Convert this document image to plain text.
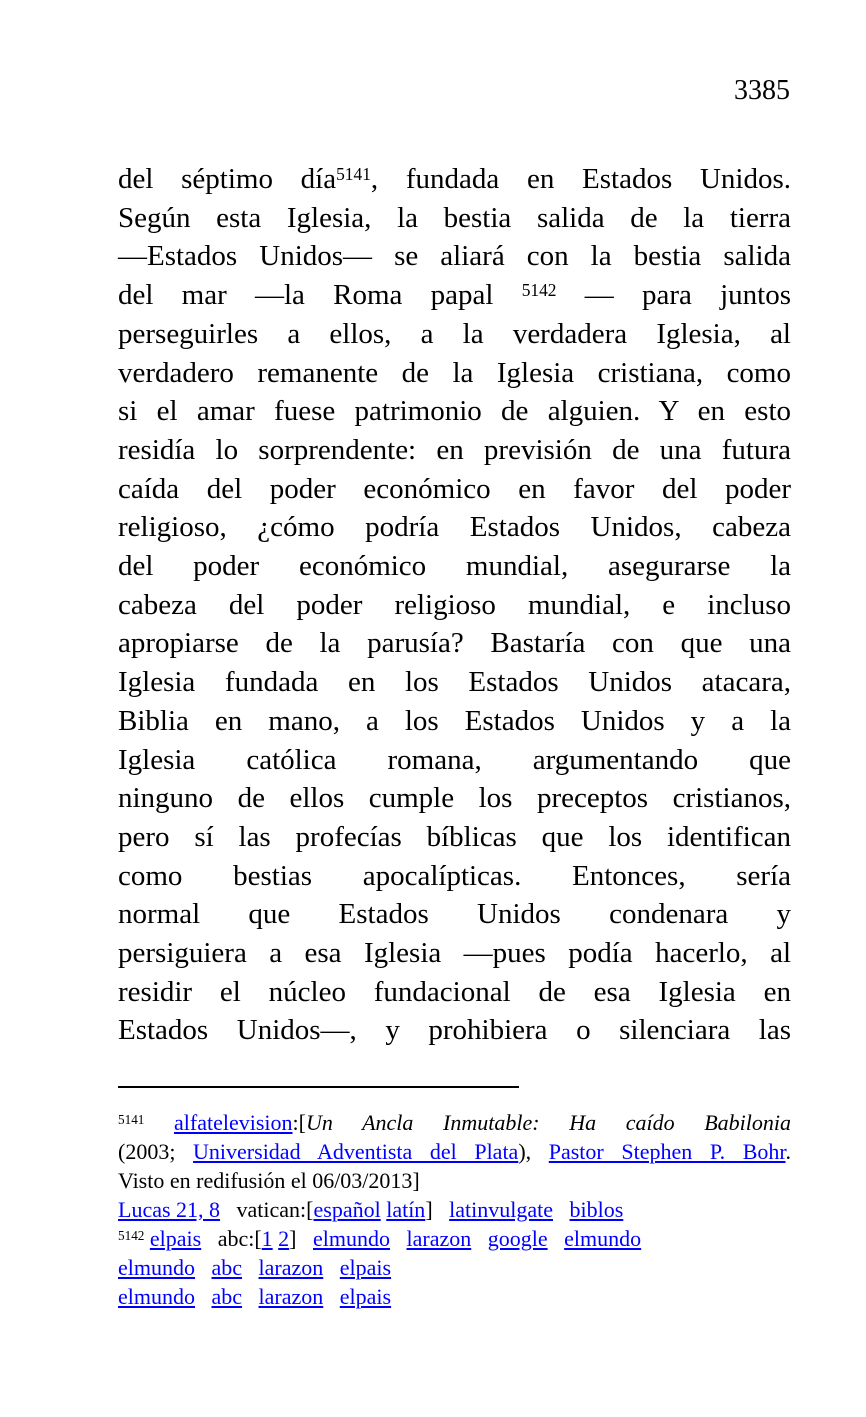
3385
del séptimo día$^{5141}$, fundada en Estados Unidos.
Según esta Iglesia, la bestia salida de la tierra
—Estados Unidos— se aliará con la bestia salida
del mar —la Roma papal $^{5142}$ — para juntos
perseguirles a ellos, a la verdadera Iglesia, al
verdadero remanente de la Iglesia cristiana, como
si el amar fuese patrimonio de alguien. Y en esto
residía lo sorprendente: en previsión de una futura
caída del poder económico en favor del poder
religioso, ¿cómo podría Estados Unidos, cabeza
del poder económico mundial, asegurarse la
cabeza del poder religioso mundial, e incluso
apropiarse de la parusía? Bastaría con que una
Iglesia fundada en los Estados Unidos atacara,
Biblia en mano, a los Estados Unidos y a la
Iglesia católica romana, argumentando que
ninguno de ellos cumple los preceptos cristianos,
pero sí las profecías bíblicas que los identifican
como bestias apocalípticas. Entonces, sería
normal que Estados Unidos condenara y
persiguiera a esa Iglesia —pues podía hacerlo, al
residir el núcleo fundacional de esa Iglesia en
Estados Unidos—, y prohibiera o silenciara las
$^{5141}$ alfatelevision:[Un Ancla Inmutable: Ha caído Babilonia
(2003; Universidad Adventista del Plata), Pastor Stephen P. Bohr.
Visto en redifusión el 06/03/2013]
Lucas 21, 8 vatican:[español latín]   latinvulgate biblos
$^{5142}$ elpais   abc:[1 2]   elmundo larazon google elmundo
elmundo abc larazon elpais
elmundo abc larazon elpais
